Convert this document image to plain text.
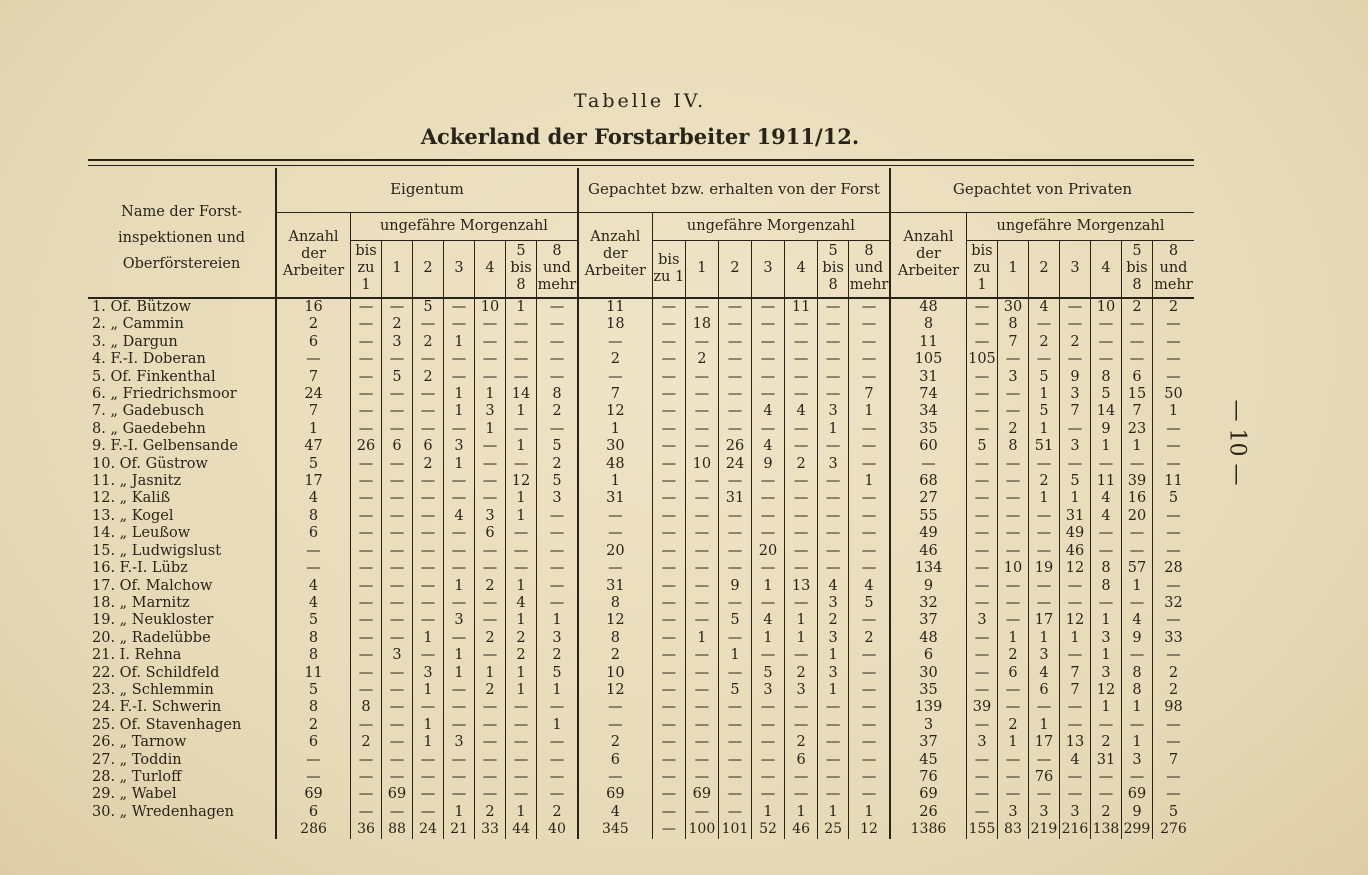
Tabelle IV.
Ackerland der Forstarbeiter 1911/12.
— 10 —
Name der Forst-inspektionen und Oberförstereien	Eigentum								Gepachtet bzw. erhalten von der Forst								Gepachtet von Privaten							
	Anzahl der Arbeiter	ungefähre Morgenzahl							Anzahl der Arbeiter	ungefähre Morgenzahl							Anzahl der Arbeiter	ungefähre Morgenzahl						
		bis zu 1	1	2	3	4	5 bis 8	8 und mehr		bis zu 1	1	2	3	4	5 bis 8	8 und mehr		bis zu 1	1	2	3	4	5 bis 8	8 und mehr
1. Of. Bützow	16	—	—	5	—	10	1	—	11	—	—	—	—	11	—	—	48	—	30	4	—	10	2	2
2. „ Cammin	2	—	2	—	—	—	—	—	18	—	18	—	—	—	—	—	8	—	8	—	—	—	—	—
3. „ Dargun	6	—	3	2	1	—	—	—	—	—	—	—	—	—	—	—	11	—	7	2	2	—	—	—
4. F.-I. Doberan	—	—	—	—	—	—	—	—	2	—	2	—	—	—	—	—	105	105	—	—	—	—	—	—
5. Of. Finkenthal	7	—	5	2	—	—	—	—	—	—	—	—	—	—	—	—	31	—	3	5	9	8	6	—
6. „ Friedrichsmoor	24	—	—	—	1	1	14	8	7	—	—	—	—	—	—	7	74	—	—	1	3	5	15	50
7. „ Gadebusch	7	—	—	—	1	3	1	2	12	—	—	—	4	4	3	1	34	—	—	5	7	14	7	1
8. „ Gaedebehn	1	—	—	—	—	1	—	—	1	—	—	—	—	—	1	—	35	—	2	1	—	9	23	—
9. F.-I. Gelbensande	47	26	6	6	3	—	1	5	30	—	—	26	4	—	—	—	60	5	8	51	3	1	1	—
10. Of. Güstrow	5	—	—	2	1	—	—	2	48	—	10	24	9	2	3	—	—	—	—	—	—	—	—	—
11. „ Jasnitz	17	—	—	—	—	—	12	5	1	—	—	—	—	—	—	1	68	—	—	2	5	11	39	11
12. „ Kaliß	4	—	—	—	—	—	1	3	31	—	—	31	—	—	—	—	27	—	—	1	1	4	16	5
13. „ Kogel	8	—	—	—	4	3	1	—	—	—	—	—	—	—	—	—	55	—	—	—	31	4	20	—
14. „ Leußow	6	—	—	—	—	6	—	—	—	—	—	—	—	—	—	—	49	—	—	—	49	—	—	—
15. „ Ludwigslust	—	—	—	—	—	—	—	—	20	—	—	—	20	—	—	—	46	—	—	—	46	—	—	—
16. F.-I. Lübz	—	—	—	—	—	—	—	—	—	—	—	—	—	—	—	—	134	—	10	19	12	8	57	28
17. Of. Malchow	4	—	—	—	1	2	1	—	31	—	—	9	1	13	4	4	9	—	—	—	—	8	1	—
18. „ Marnitz	4	—	—	—	—	—	4	—	8	—	—	—	—	—	3	5	32	—	—	—	—	—	—	32
19. „ Neukloster	5	—	—	—	3	—	1	1	12	—	—	5	4	1	2	—	37	3	—	17	12	1	4	—
20. „ Radelübbe	8	—	—	1	—	2	2	3	8	—	1	—	1	1	3	2	48	—	1	1	1	3	9	33
21. I. Rehna	8	—	3	—	1	—	2	2	2	—	—	1	—	—	1	—	6	—	2	3	—	1	—	—
22. Of. Schildfeld	11	—	—	3	1	1	1	5	10	—	—	—	5	2	3	—	30	—	6	4	7	3	8	2
23. „ Schlemmin	5	—	—	1	—	2	1	1	12	—	—	5	3	3	1	—	35	—	—	6	7	12	8	2
24. F.-I. Schwerin	8	8	—	—	—	—	—	—	—	—	—	—	—	—	—	—	139	39	—	—	—	1	1	98
25. Of. Stavenhagen	2	—	—	1	—	—	—	1	—	—	—	—	—	—	—	—	3	—	2	1	—	—	—	—
26. „ Tarnow	6	2	—	1	3	—	—	—	2	—	—	—	—	2	—	—	37	3	1	17	13	2	1	—
27. „ Toddin	—	—	—	—	—	—	—	—	6	—	—	—	—	6	—	—	45	—	—	—	4	31	3	7
28. „ Turloff	—	—	—	—	—	—	—	—	—	—	—	—	—	—	—	—	76	—	—	76	—	—	—	—
29. „ Wabel	69	—	69	—	—	—	—	—	69	—	69	—	—	—	—	—	69	—	—	—	—	—	69	—
30. „ Wredenhagen	6	—	—	—	1	2	1	2	4	—	—	—	1	1	1	1	26	—	3	3	3	2	9	5
	286	36	88	24	21	33	44	40	345	—	100	101	52	46	25	12	1386	155	83	219	216	138	299	276
